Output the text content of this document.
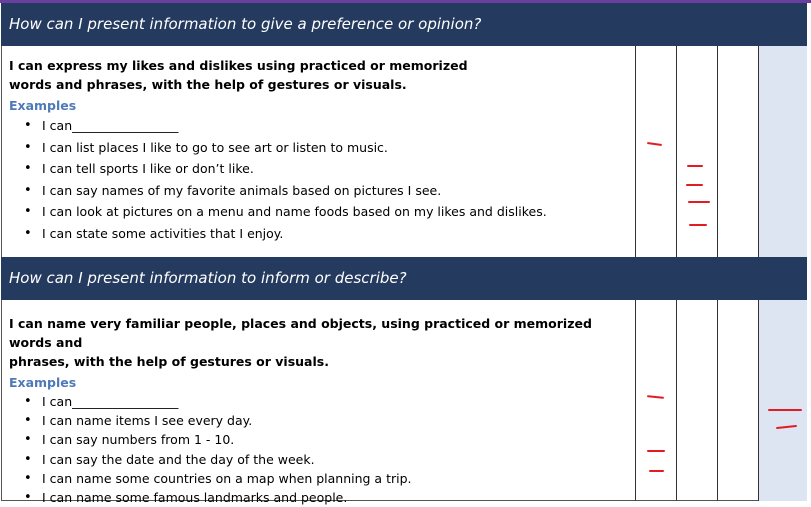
How can I present information to give a preference or opinion?
I can express my likes and dislikes using practiced or memorized
words and phrases, with the help of gestures or visuals.
Examples
• I can_________________
• I can list places I like to go to see art or listen to music.
• I can tell sports I like or don’t like.
• I can say names of my favorite animals based on pictures I see.
• I can look at pictures on a menu and name foods based on my likes and dislikes.
• I can state some activities that I enjoy.
How can I present information to inform or describe?
I can name very familiar people, places and objects, using practiced or memorized words and
phrases, with the help of gestures or visuals.
Examples
• I can_________________
• I can name items I see every day.
• I can say numbers from 1 - 10.
• I can say the date and the day of the week.
• I can name some countries on a map when planning a trip.
• I can name some famous landmarks and people.
